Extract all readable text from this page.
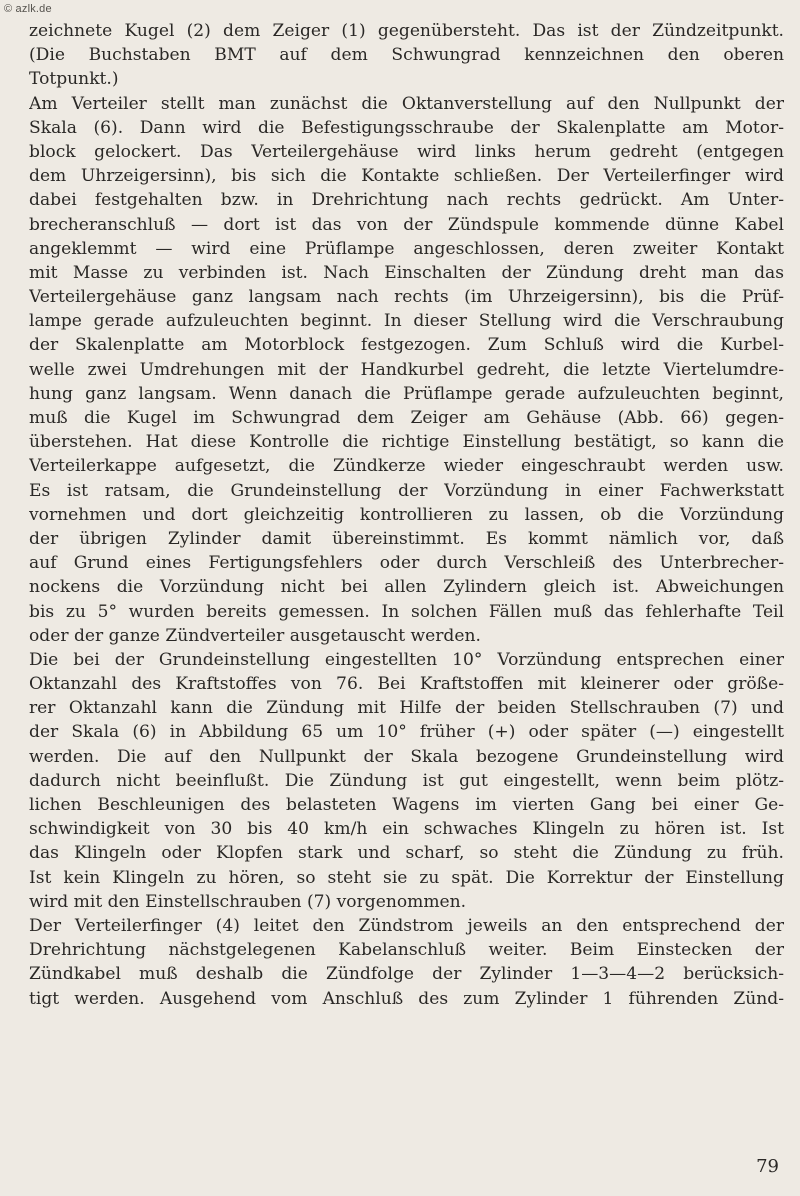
© azlk.de
zeichnete Kugel (2) dem Zeiger (1) gegenübersteht. Das ist der Zündzeitpunkt.
(Die Buchstaben BMT auf dem Schwungrad kennzeichnen den oberen
Totpunkt.)
Am Verteiler stellt man zunächst die Oktanverstellung auf den Nullpunkt der
Skala (6). Dann wird die Befestigungsschraube der Skalenplatte am Motor-
block gelockert. Das Verteilergehäuse wird links herum gedreht (entgegen
dem Uhrzeigersinn), bis sich die Kontakte schließen. Der Verteilerfinger wird
dabei festgehalten bzw. in Drehrichtung nach rechts gedrückt. Am Unter-
brecheranschluß — dort ist das von der Zündspule kommende dünne Kabel
angeklemmt — wird eine Prüflampe angeschlossen, deren zweiter Kontakt
mit Masse zu verbinden ist. Nach Einschalten der Zündung dreht man das
Verteilergehäuse ganz langsam nach rechts (im Uhrzeigersinn), bis die Prüf-
lampe gerade aufzuleuchten beginnt. In dieser Stellung wird die Verschraubung
der Skalenplatte am Motorblock festgezogen. Zum Schluß wird die Kurbel-
welle zwei Umdrehungen mit der Handkurbel gedreht, die letzte Viertelumdre-
hung ganz langsam. Wenn danach die Prüflampe gerade aufzuleuchten beginnt,
muß die Kugel im Schwungrad dem Zeiger am Gehäuse (Abb. 66) gegen-
überstehen. Hat diese Kontrolle die richtige Einstellung bestätigt, so kann die
Verteilerkappe aufgesetzt, die Zündkerze wieder eingeschraubt werden usw.
Es ist ratsam, die Grundeinstellung der Vorzündung in einer Fachwerkstatt
vornehmen und dort gleichzeitig kontrollieren zu lassen, ob die Vorzündung
der übrigen Zylinder damit übereinstimmt. Es kommt nämlich vor, daß
auf Grund eines Fertigungsfehlers oder durch Verschleiß des Unterbrecher-
nockens die Vorzündung nicht bei allen Zylindern gleich ist. Abweichungen
bis zu 5° wurden bereits gemessen. In solchen Fällen muß das fehlerhafte Teil
oder der ganze Zündverteiler ausgetauscht werden.
Die bei der Grundeinstellung eingestellten 10° Vorzündung entsprechen einer
Oktanzahl des Kraftstoffes von 76. Bei Kraftstoffen mit kleinerer oder größe-
rer Oktanzahl kann die Zündung mit Hilfe der beiden Stellschrauben (7) und
der Skala (6) in Abbildung 65 um 10° früher (+) oder später (—) eingestellt
werden. Die auf den Nullpunkt der Skala bezogene Grundeinstellung wird
dadurch nicht beeinflußt. Die Zündung ist gut eingestellt, wenn beim plötz-
lichen Beschleunigen des belasteten Wagens im vierten Gang bei einer Ge-
schwindigkeit von 30 bis 40 km/h ein schwaches Klingeln zu hören ist. Ist
das Klingeln oder Klopfen stark und scharf, so steht die Zündung zu früh.
Ist kein Klingeln zu hören, so steht sie zu spät. Die Korrektur der Einstellung
wird mit den Einstellschrauben (7) vorgenommen.
Der Verteilerfinger (4) leitet den Zündstrom jeweils an den entsprechend der
Drehrichtung nächstgelegenen Kabelanschluß weiter. Beim Einstecken der
Zündkabel muß deshalb die Zündfolge der Zylinder 1—3—4—2 berücksich-
tigt werden. Ausgehend vom Anschluß des zum Zylinder 1 führenden Zünd-
79
